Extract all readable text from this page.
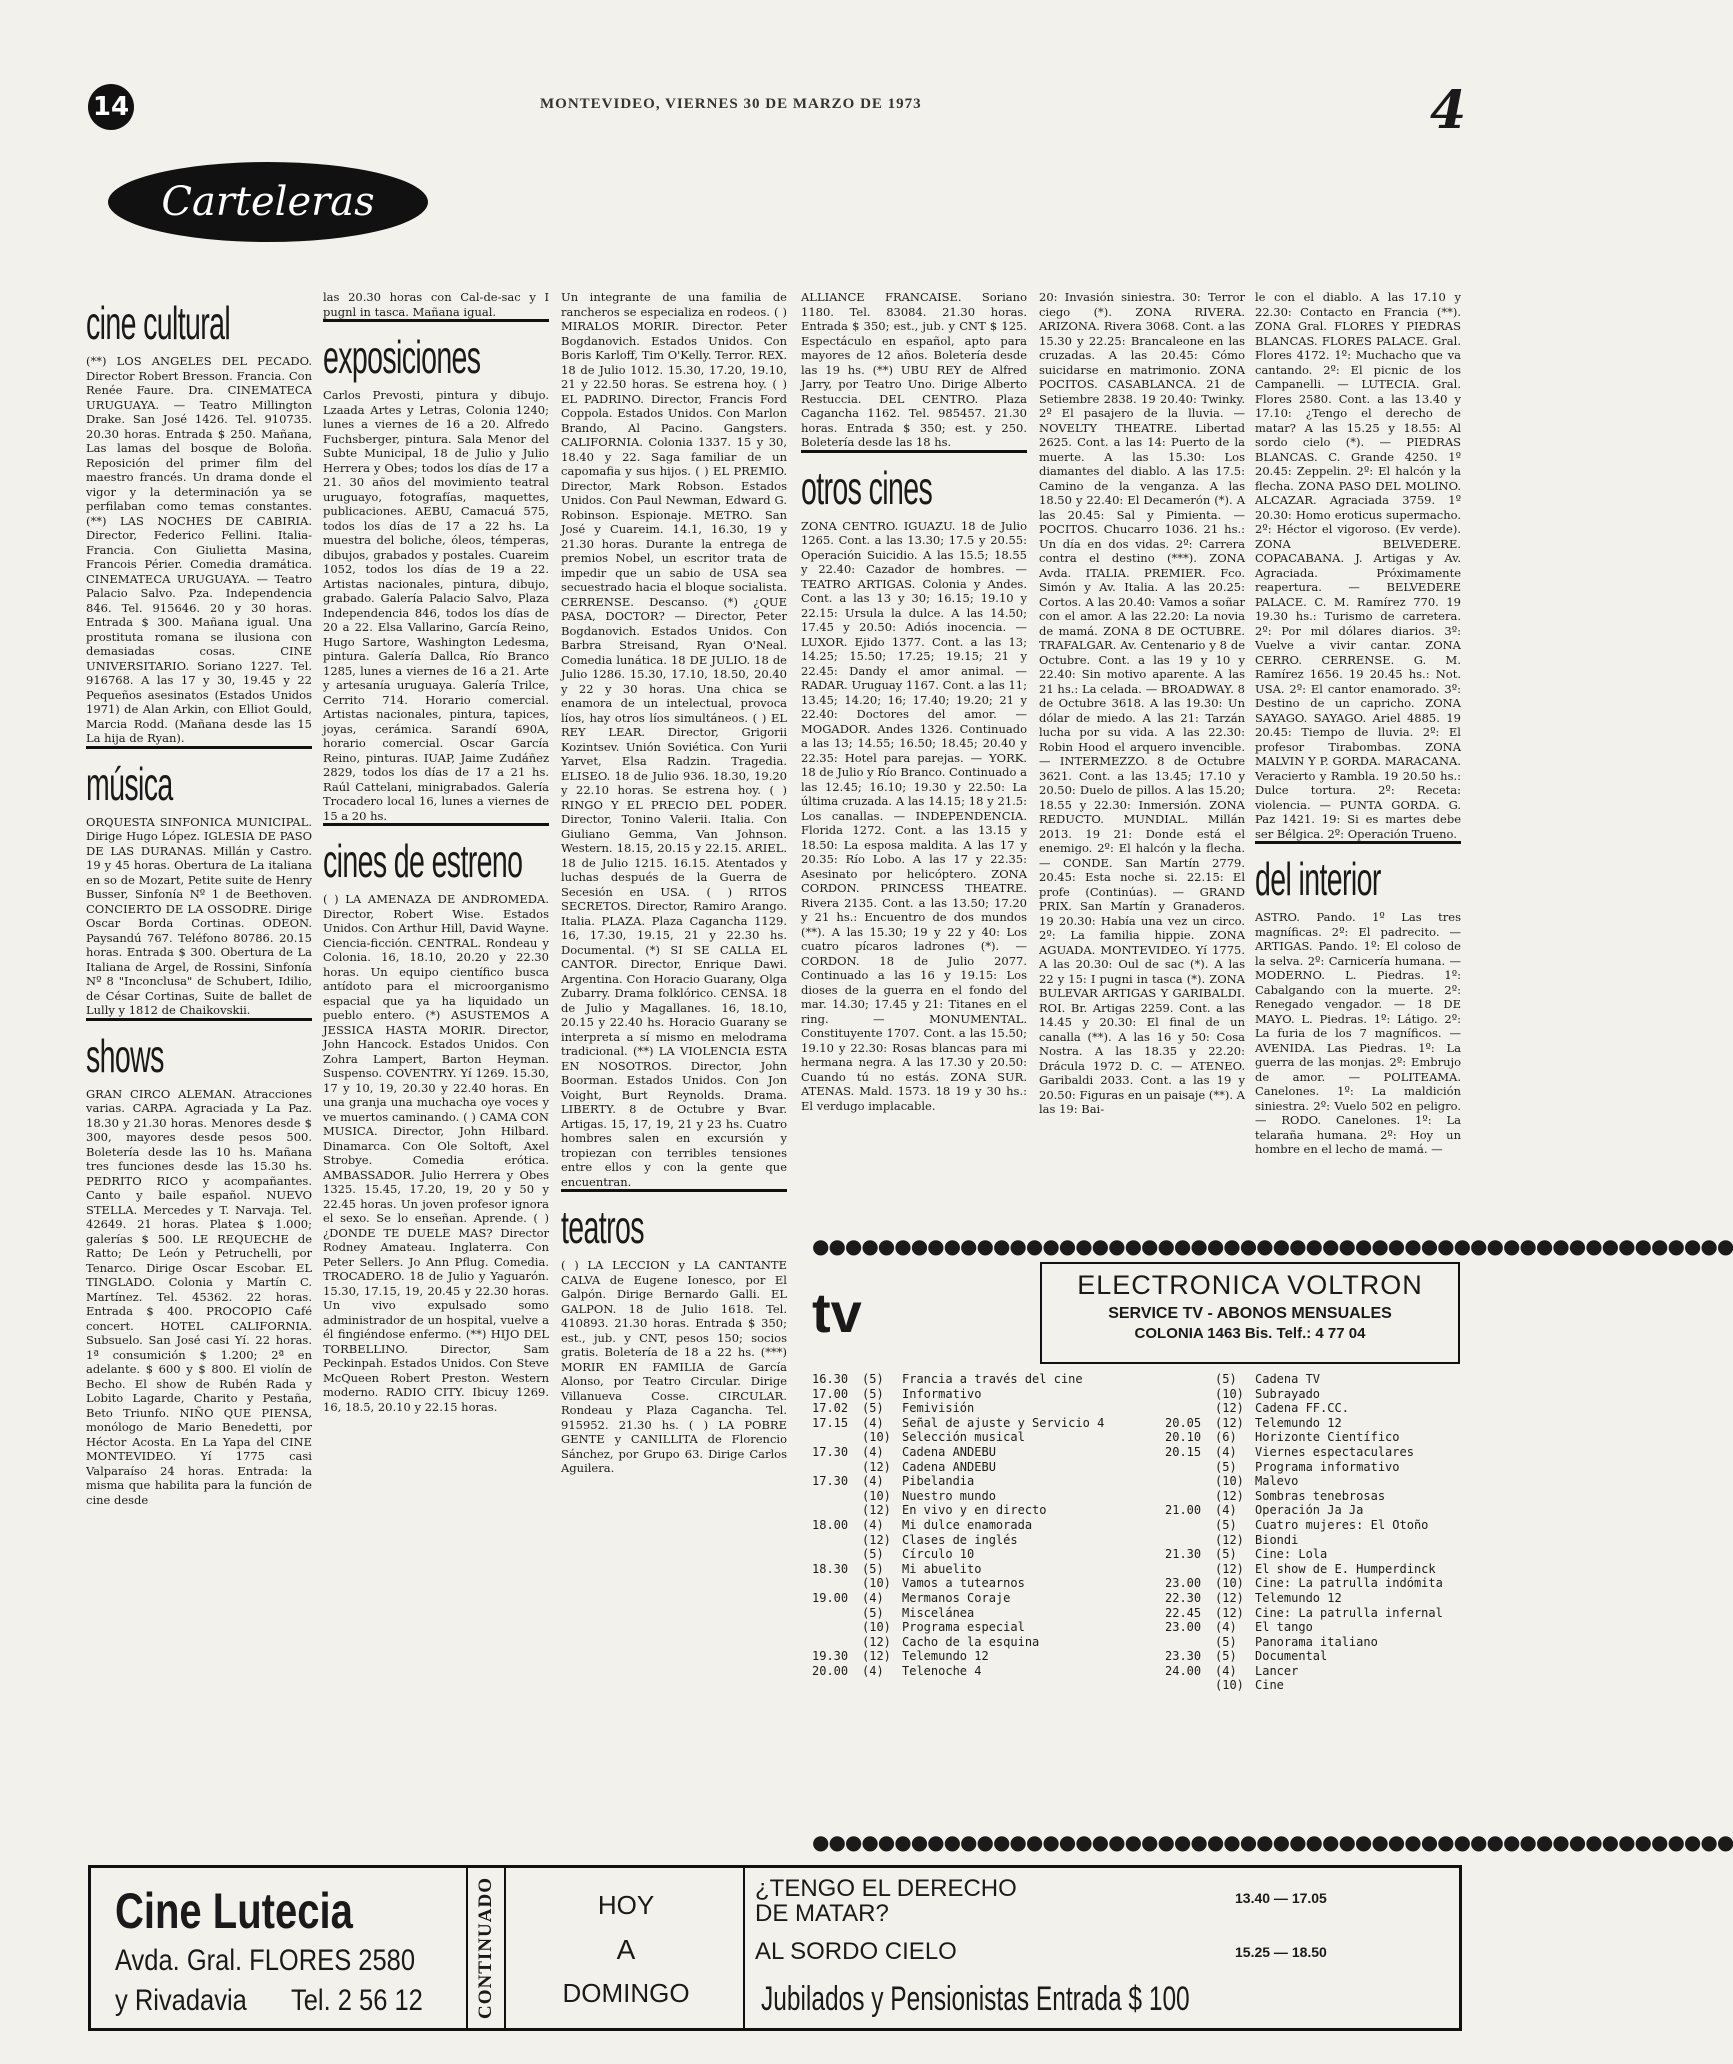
14	MONTEVIDEO, VIERNES 30 DE MARZO DE 1973	4
Carteleras
cine cultural

(**) LOS ANGELES DEL PECADO. Director Robert Bresson. Francia. Con Renée Faure. Dra. CINEMATECA URUGUAYA. — Teatro Millington Drake. San José 1426. Tel. 910735. 20.30 horas. Entrada $ 250. Mañana, Las lamas del bosque de Boloña. Reposición del primer film del maestro francés. Un drama donde el vigor y la determinación ya se perfilaban como temas constantes. (**) LAS NOCHES DE CABIRIA. Director, Federico Fellini. Italia-Francia. Con Giulietta Masina, Francois Périer. Comedia dramática. CINEMATECA URUGUAYA. — Teatro Palacio Salvo. Pza. Independencia 846. Tel. 915646. 20 y 30 horas. Entrada $ 300. Mañana igual. Una prostituta romana se ilusiona con demasiadas cosas. CINE UNIVERSITARIO. Soriano 1227. Tel. 916768. A las 17 y 30, 19.45 y 22 Pequeños asesinatos (Estados Unidos 1971) de Alan Arkin, con Elliot Gould, Marcia Rodd. (Mañana desde las 15 La hija de Ryan).

música

ORQUESTA SINFONICA MUNICIPAL. Dirige Hugo López. IGLESIA DE PASO DE LAS DURANAS. Millán y Castro. 19 y 45 horas. Obertura de La italiana en so de Mozart, Petite suite de Henry Busser, Sinfonía Nº 1 de Beethoven. CONCIERTO DE LA OSSODRE. Dirige Oscar Borda Cortinas. ODEON. Paysandú 767. Teléfono 80786. 20.15 horas. Entrada $ 300. Obertura de La Italiana de Argel, de Rossini, Sinfonía Nº 8 "Inconclusa" de Schubert, Idilio, de César Cortinas, Suite de ballet de Lully y 1812 de Chaikovskii.

shows

GRAN CIRCO ALEMAN. Atracciones varias. CARPA. Agraciada y La Paz. 18.30 y 21.30 horas. Menores desde $ 300, mayores desde pesos 500. Boletería desde las 10 hs. Mañana tres funciones desde las 15.30 hs. PEDRITO RICO y acompañantes. Canto y baile español. NUEVO STELLA. Mercedes y T. Narvaja. Tel. 42649. 21 horas. Platea $ 1.000; galerías $ 500. LE REQUECHE de Ratto; De León y Petruchelli, por Tenarco. Dirige Oscar Escobar. EL TINGLADO. Colonia y Martín C. Martínez. Tel. 45362. 22 horas. Entrada $ 400. PROCOPIO Café concert. HOTEL CALIFORNIA. Subsuelo. San José casi Yí. 22 horas. 1ª consumición $ 1.200; 2ª en adelante. $ 600 y $ 800. El violín de Becho. El show de Rubén Rada y Lobito Lagarde, Charito y Pestaña, Beto Triunfo. NIÑO QUE PIENSA, monólogo de Mario Benedetti, por Héctor Acosta. En La Yapa del CINE MONTEVIDEO. Yí 1775 casi Valparaíso 24 horas. Entrada: la misma que habilita para la función de cine desde

las 20.30 horas con Cal-de-sac y I pugnl in tasca. Mañana igual.

exposiciones

Carlos Prevosti, pintura y dibujo. Lzaada Artes y Letras, Colonia 1240; lunes a viernes de 16 a 20. Alfredo Fuchsberger, pintura. Sala Menor del Subte Municipal, 18 de Julio y Julio Herrera y Obes; todos los días de 17 a 21. 30 años del movimiento teatral uruguayo, fotografías, maquettes, publicaciones. AEBU, Camacuá 575, todos los días de 17 a 22 hs. La muestra del boliche, óleos, témperas, dibujos, grabados y postales. Cuareim 1052, todos los días de 19 a 22. Artistas nacionales, pintura, dibujo, grabado. Galería Palacio Salvo, Plaza Independencia 846, todos los días de 20 a 22. Elsa Vallarino, García Reino, Hugo Sartore, Washington Ledesma, pintura. Galería Dallca, Río Branco 1285, lunes a viernes de 16 a 21. Arte y artesanía uruguaya. Galería Trilce, Cerrito 714. Horario comercial. Artistas nacionales, pintura, tapices, joyas, cerámica. Sarandí 690A, horario comercial. Oscar García Reino, pinturas. IUAP, Jaime Zudáñez 2829, todos los días de 17 a 21 hs. Raúl Cattelani, minigrabados. Galería Trocadero local 16, lunes a viernes de 15 a 20 hs.

cines de estreno

( ) LA AMENAZA DE ANDROMEDA. Director, Robert Wise. Estados Unidos. Con Arthur Hill, David Wayne. Ciencia-ficción. CENTRAL. Rondeau y Colonia. 16, 18.10, 20.20 y 22.30 horas. Un equipo científico busca antídoto para el microorganismo espacial que ya ha liquidado un pueblo entero. (*) ASUSTEMOS A JESSICA HASTA MORIR. Director, John Hancock. Estados Unidos. Con Zohra Lampert, Barton Heyman. Suspenso. COVENTRY. Yí 1269. 15.30, 17 y 10, 19, 20.30 y 22.40 horas. En una granja una muchacha oye voces y ve muertos caminando. ( ) CAMA CON MUSICA. Director, John Hilbard. Dinamarca. Con Ole Soltoft, Axel Strobye. Comedia erótica. AMBASSADOR. Julio Herrera y Obes 1325. 15.45, 17.20, 19, 20 y 50 y 22.45 horas. Un joven profesor ignora el sexo. Se lo enseñan. Aprende. ( ) ¿DONDE TE DUELE MAS? Director Rodney Amateau. Inglaterra. Con Peter Sellers. Jo Ann Pflug. Comedia. TROCADERO. 18 de Julio y Yaguarón. 15.30, 17.15, 19, 20.45 y 22.30 horas. Un vivo expulsado somo administrador de un hospital, vuelve a él fingiéndose enfermo. (**) HIJO DEL TORBELLINO. Director, Sam Peckinpah. Estados Unidos. Con Steve McQueen Robert Preston. Western moderno. RADIO CITY. Ibicuy 1269. 16, 18.5, 20.10 y 22.15 horas.

Un integrante de una familia de rancheros se especializa en rodeos. ( ) MIRALOS MORIR. Director. Peter Bogdanovich. Estados Unidos. Con Boris Karloff, Tim O'Kelly. Terror. REX. 18 de Julio 1012. 15.30, 17.20, 19.10, 21 y 22.50 horas. Se estrena hoy. ( ) EL PADRINO. Director, Francis Ford Coppola. Estados Unidos. Con Marlon Brando, Al Pacino. Gangsters. CALIFORNIA. Colonia 1337. 15 y 30, 18.40 y 22. Saga familiar de un capomafia y sus hijos. ( ) EL PREMIO. Director, Mark Robson. Estados Unidos. Con Paul Newman, Edward G. Robinson. Espionaje. METRO. San José y Cuareim. 14.1, 16.30, 19 y 21.30 horas. Durante la entrega de premios Nobel, un escritor trata de impedir que un sabio de USA sea secuestrado hacia el bloque socialista. CERRENSE. Descanso. (*) ¿QUE PASA, DOCTOR? — Director, Peter Bogdanovich. Estados Unidos. Con Barbra Streisand, Ryan O'Neal. Comedia lunática. 18 DE JULIO. 18 de Julio 1286. 15.30, 17.10, 18.50, 20.40 y 22 y 30 horas. Una chica se enamora de un intelectual, provoca líos, hay otros líos simultáneos. ( ) EL REY LEAR. Director, Grigorii Kozintsev. Unión Soviética. Con Yurii Yarvet, Elsa Radzin. Tragedia. ELISEO. 18 de Julio 936. 18.30, 19.20 y 22.10 horas. Se estrena hoy. ( ) RINGO Y EL PRECIO DEL PODER. Director, Tonino Valerii. Italia. Con Giuliano Gemma, Van Johnson. Western. 18.15, 20.15 y 22.15. ARIEL. 18 de Julio 1215. 16.15. Atentados y luchas después de la Guerra de Secesión en USA. ( ) RITOS SECRETOS. Director, Ramiro Arango. Italia. PLAZA. Plaza Cagancha 1129. 16, 17.30, 19.15, 21 y 22.30 hs. Documental. (*) SI SE CALLA EL CANTOR. Director, Enrique Dawi. Argentina. Con Horacio Guarany, Olga Zubarry. Drama folklórico. CENSA. 18 de Julio y Magallanes. 16, 18.10, 20.15 y 22.40 hs. Horacio Guarany se interpreta a sí mismo en melodrama tradicional. (**) LA VIOLENCIA ESTA EN NOSOTROS. Director, John Boorman. Estados Unidos. Con Jon Voight, Burt Reynolds. Drama. LIBERTY. 8 de Octubre y Bvar. Artigas. 15, 17, 19, 21 y 23 hs. Cuatro hombres salen en excursión y tropiezan con terribles tensiones entre ellos y con la gente que encuentran.

teatros

( ) LA LECCION y LA CANTANTE CALVA de Eugene Ionesco, por El Galpón. Dirige Bernardo Galli. EL GALPON. 18 de Julio 1618. Tel. 410893. 21.30 horas. Entrada $ 350; est., jub. y CNT, pesos 150; socios gratis. Boletería de 18 a 22 hs. (***) MORIR EN FAMILIA de García Alonso, por Teatro Circular. Dirige Villanueva Cosse. CIRCULAR. Rondeau y Plaza Cagancha. Tel. 915952. 21.30 hs. ( ) LA POBRE GENTE y CANILLITA de Florencio Sánchez, por Grupo 63. Dirige Carlos Aguilera.

ALLIANCE FRANCAISE. Soriano 1180. Tel. 83084. 21.30 horas. Entrada $ 350; est., jub. y CNT $ 125. Espectáculo en español, apto para mayores de 12 años. Boletería desde las 19 hs. (**) UBU REY de Alfred Jarry, por Teatro Uno. Dirige Alberto Restuccia. DEL CENTRO. Plaza Cagancha 1162. Tel. 985457. 21.30 horas. Entrada $ 350; est. y 250. Boletería desde las 18 hs.

otros cines

ZONA CENTRO. IGUAZU. 18 de Julio 1265. Cont. a las 13.30; 17.5 y 20.55: Operación Suicidio. A las 15.5; 18.55 y 22.40: Cazador de hombres. — TEATRO ARTIGAS. Colonia y Andes. Cont. a las 13 y 30; 16.15; 19.10 y 22.15: Ursula la dulce. A las 14.50; 17.45 y 20.50: Adiós inocencia. — LUXOR. Ejido 1377. Cont. a las 13; 14.25; 15.50; 17.25; 19.15; 21 y 22.45: Dandy el amor animal. — RADAR. Uruguay 1167. Cont. a las 11; 13.45; 14.20; 16; 17.40; 19.20; 21 y 22.40: Doctores del amor. — MOGADOR. Andes 1326. Continuado a las 13; 14.55; 16.50; 18.45; 20.40 y 22.35: Hotel para parejas. — YORK. 18 de Julio y Río Branco. Continuado a las 12.45; 16.10; 19.30 y 22.50: La última cruzada. A las 14.15; 18 y 21.5: Los canallas. — INDEPENDENCIA. Florida 1272. Cont. a las 13.15 y 18.50: La esposa maldita. A las 17 y 20.35: Río Lobo. A las 17 y 22.35: Asesinato por helicóptero. ZONA CORDON. PRINCESS THEATRE. Rivera 2135. Cont. a las 13.50; 17.20 y 21 hs.: Encuentro de dos mundos (**). A las 15.30; 19 y 22 y 40: Los cuatro pícaros ladrones (*). — CORDON. 18 de Julio 2077. Continuado a las 16 y 19.15: Los dioses de la guerra en el fondo del mar. 14.30; 17.45 y 21: Titanes en el ring. — MONUMENTAL. Constituyente 1707. Cont. a las 15.50; 19.10 y 22.30: Rosas blancas para mi hermana negra. A las 17.30 y 20.50: Cuando tú no estás. ZONA SUR. ATENAS. Mald. 1573. 18 19 y 30 hs.: El verdugo implacable.

20: Invasión siniestra. 30: Terror ciego (*). ZONA RIVERA. ARIZONA. Rivera 3068. Cont. a las 15.30 y 22.25: Brancaleone en las cruzadas. A las 20.45: Cómo suicidarse en matrimonio. ZONA POCITOS. CASABLANCA. 21 de Setiembre 2838. 19 20.40: Twinky. 2º El pasajero de la lluvia. — NOVELTY THEATRE. Libertad 2625. Cont. a las 14: Puerto de la muerte. A las 15.30: Los diamantes del diablo. A las 17.5: Camino de la venganza. A las 18.50 y 22.40: El Decamerón (*). A las 20.45: Sal y Pimienta. — POCITOS. Chucarro 1036. 21 hs.: Un día en dos vidas. 2º: Carrera contra el destino (***). ZONA Avda. ITALIA. PREMIER. Fco. Simón y Av. Italia. A las 20.25: Cortos. A las 20.40: Vamos a soñar con el amor. A las 22.20: La novia de mamá. ZONA 8 DE OCTUBRE. TRAFALGAR. Av. Centenario y 8 de Octubre. Cont. a las 19 y 10 y 22.40: Sin motivo aparente. A las 21 hs.: La celada. — BROADWAY. 8 de Octubre 3618. A las 19.30: Un dólar de miedo. A las 21: Tarzán lucha por su vida. A las 22.30: Robin Hood el arquero invencible. — INTERMEZZO. 8 de Octubre 3621. Cont. a las 13.45; 17.10 y 20.50: Duelo de pillos. A las 15.20; 18.55 y 22.30: Inmersión. ZONA REDUCTO. MUNDIAL. Millán 2013. 19 21: Donde está el enemigo. 2º: El halcón y la flecha. — CONDE. San Martín 2779. 20.45: Esta noche si. 22.15: El profe (Continúas). — GRAND PRIX. San Martín y Granaderos. 19 20.30: Había una vez un circo. 2º: La familia hippie. ZONA AGUADA. MONTEVIDEO. Yí 1775. A las 20.30: Oul de sac (*). A las 22 y 15: I pugni in tasca (*). ZONA BULEVAR ARTIGAS Y GARIBALDI. ROI. Br. Artigas 2259. Cont. a las 14.45 y 20.30: El final de un canalla (**). A las 16 y 50: Cosa Nostra. A las 18.35 y 22.20: Drácula 1972 D. C. — ATENEO. Garibaldi 2033. Cont. a las 19 y 20.50: Figuras en un paisaje (**). A las 19: Bai-

le con el diablo. A las 17.10 y 22.30: Contacto en Francia (**). ZONA Gral. FLORES Y PIEDRAS BLANCAS. FLORES PALACE. Gral. Flores 4172. 1º: Muchacho que va cantando. 2º: El picnic de los Campanelli. — LUTECIA. Gral. Flores 2580. Cont. a las 13.40 y 17.10: ¿Tengo el derecho de matar? A las 15.25 y 18.55: Al sordo cielo (*). — PIEDRAS BLANCAS. C. Grande 4250. 1º 20.45: Zeppelin. 2º: El halcón y la flecha. ZONA PASO DEL MOLINO. ALCAZAR. Agraciada 3759. 1º 20.30: Homo eroticus supermacho. 2º: Héctor el vigoroso. (Ev verde). ZONA BELVEDERE. COPACABANA. J. Artigas y Av. Agraciada. Próximamente reapertura. — BELVEDERE PALACE. C. M. Ramírez 770. 19 19.30 hs.: Turismo de carretera. 2º: Por mil dólares diarios. 3º: Vuelve a vivir cantar. ZONA CERRO. CERRENSE. G. M. Ramírez 1656. 19 20.45 hs.: Not. USA. 2º: El cantor enamorado. 3º: Destino de un capricho. ZONA SAYAGO. SAYAGO. Ariel 4885. 19 20.45: Tiempo de lluvia. 2º: El profesor Tirabombas. ZONA MALVIN Y P. GORDA. MARACANA. Veracierto y Rambla. 19 20.50 hs.: Dulce tortura. 2º: Receta: violencia. — PUNTA GORDA. G. Paz 1421. 19: Si es martes debe ser Bélgica. 2º: Operación Trueno.

del interior

ASTRO. Pando. 1º Las tres magníficas. 2º: El padrecito. — ARTIGAS. Pando. 1º: El coloso de la selva. 2º: Carnicería humana. — MODERNO. L. Piedras. 1º: Cabalgando con la muerte. 2º: Renegado vengador. — 18 DE MAYO. L. Piedras. 1º: Látigo. 2º: La furia de los 7 magníficos. — AVENIDA. Las Piedras. 1º: La guerra de las monjas. 2º: Embrujo de amor. — POLITEAMA. Canelones. 1º: La maldición siniestra. 2º: Vuelo 502 en peligro. — RODO. Canelones. 1º: La telaraña humana. 2º: Hoy un hombre en el lecho de mamá. —

●●●●●●●●●●●●●●●●●●●●●●●●●●●●●●●●●●●●●●●●●●●●●●●●●●●●●●●●
tv	ELECTRONICA VOLTRON
SERVICE TV - ABONOS MENSUALES
COLONIA 1463 Bis. Telf.: 4 77 04
16.30	(5)	Francia a través del cine
17.00	(5)	Informativo
17.02	(5)	Femivisión
17.15	(4)	Señal de ajuste y Servicio 4
(10) Selección musical
17.30	(4)	Cadena ANDEBU
(12) Cadena ANDEBU
17.30	(4)	Pibelandia
(10) Nuestro mundo
(12) En vivo y en directo
18.00	(4)	Mi dulce enamorada
(12) Clases de inglés
(5)	Círculo 10
18.30	(5)	Mi abuelito
(10) Vamos a tutearnos
19.00	(4)	Mermanos Coraje
(5)	Miscelánea
(10) Programa especial
(12) Cacho de la esquina
19.30	(12) Telemundo 12
20.00	(4)	Telenoche 4
(5)	Cadena TV
(10) Subrayado
(12) Cadena FF.CC.
20.05	(12) Telemundo 12
20.10	(6)	Horizonte Científico
20.15	(4)	Viernes espectaculares
(5)	Programa informativo
(10) Malevo
(12) Sombras tenebrosas
21.00	(4)	Operación Ja Ja
(5)	Cuatro mujeres: El Otoño
(12) Biondi
21.30	(5)	Cine: Lola
(12) El show de E. Humperdinck
23.00	(10) Cine: La patrulla indómita
22.30	(12) Telemundo 12
22.45	(12) Cine: La patrulla infernal
23.00	(4)	El tango
(5)	Panorama italiano
23.30	(5)	Documental
24.00	(4)	Lancer
(10) Cine
●●●●●●●●●●●●●●●●●●●●●●●●●●●●●●●●●●●●●●●●●●●●●●●●●●●●●●●●
Cine Lutecia
Avda. Gral. FLORES 2580
y Rivadavia Tel. 2 56 12	CONTINUADO	HOY
A
DOMINGO
¿TENGO EL DERECHO DE MATAR?
13.40 — 17.05
AL SORDO CIELO	15.25 — 18.50
Jubilados y Pensionistas Entrada $ 100
